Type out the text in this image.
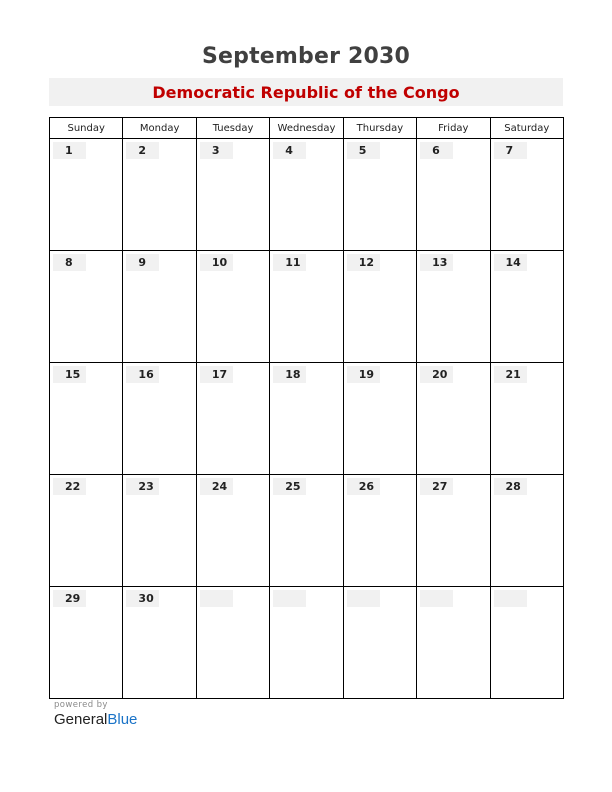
September 2030
Democratic Republic of the Congo
Sunday	Monday	Tuesday	Wednesday	Thursday	Friday	Saturday

1	2	3	4	5	6	7

8	9	10	11	12	13	14

15	16	17	18	19	20	21

22	23	24	25	26	27	28

29	30					

powered by
GeneralBlue
